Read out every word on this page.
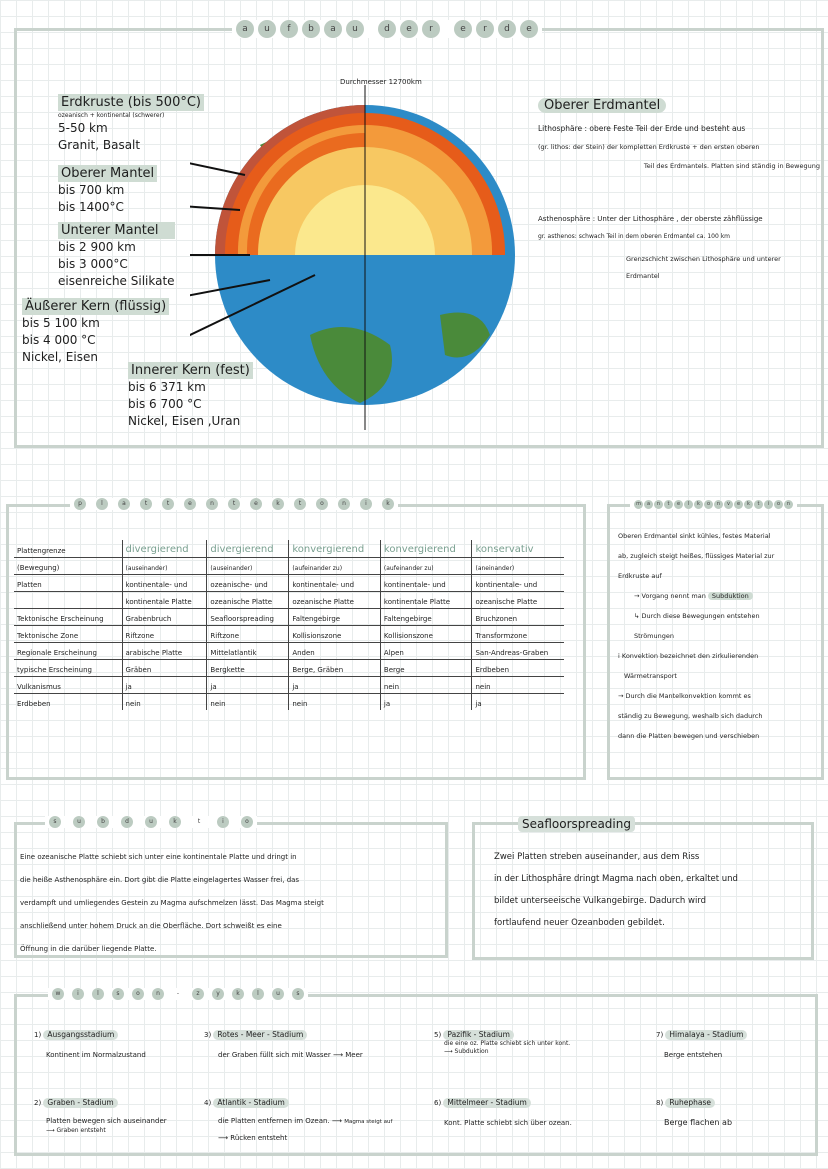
a	u	f	b	a	u	d	e	r	e	r	d	e
Durchmesser 12700km
Erdkruste (bis 500°C)
ozeanisch + kontinental (schwerer)
5-50 km
Granit, Basalt
Oberer Mantel
bis 700 km
bis 1400°C
Unterer Mantel
bis 2 900 km
bis 3 000°C
eisenreiche Silikate
Äußerer Kern (flüssig)
bis 5 100 km
bis 4 000 °C
Nickel, Eisen
Innerer Kern (fest)
bis 6 371 km
bis 6 700 °C
Nickel, Eisen ,Uran
Oberer Erdmantel
Lithosphäre : obere Feste Teil der Erde und besteht aus
(gr. lithos: der Stein) der kompletten Erdkruste + den ersten oberen
Teil des Erdmantels. Platten sind ständig in Bewegung
Asthenosphäre : Unter der Lithosphäre , der oberste zähflüssige
gr. asthenos: schwach Teil in dem oberen Erdmantel ca. 100 km
Grenzschicht zwischen Lithosphäre und unterer
Erdmantel
p	l	a	t	t	e	n	t	e	k	t	o	n	i	k
Plattengrenze	divergierend	divergierend	konvergierend	konvergierend	konservativ
(Bewegung)	(auseinander)	(auseinander)	(aufeinander zu)	(aufeinander zu)	(aneinander)
Platten	kontinentale- und	ozeanische- und	kontinentale- und	kontinentale- und	kontinentale- und
	kontinentale Platte	ozeanische Platte	ozeanische Platte	kontinentale Platte	ozeanische Platte
Tektonische Erscheinung	Grabenbruch	Seafloorspreading	Faltengebirge	Faltengebirge	Bruchzonen
Tektonische Zone	Riftzone	Riftzone	Kollisionszone	Kollisionszone	Transformzone
Regionale Erscheinung	arabische Platte	Mittelatlantik	Anden	Alpen	San-Andreas-Graben
typische Erscheinung	Gräben	Bergkette	Berge, Gräben	Berge	Erdbeben
Vulkanismus	ja	ja	ja	nein	nein
Erdbeben	nein	nein	nein	ja	ja
m	a	n	t	e	l	k	o	n	v	e	k	t	i	o	n
Oberen Erdmantel sinkt kühles, festes Material
ab, zugleich steigt heißes, flüssiges Material zur
Erdkruste auf
→ Vorgang nennt man Subduktion
↳ Durch diese Bewegungen entstehen
Strömungen
i Konvektion bezeichnet den zirkulierenden
Wärmetransport
→ Durch die Mantelkonvektion kommt es
ständig zu Bewegung, weshalb sich dadurch
dann die Platten bewegen und verschieben
s	u	b	d	u	k	t	i	o
Eine ozeanische Platte schiebt sich unter eine kontinentale Platte und dringt in
die heiße Asthenosphäre ein. Dort gibt die Platte eingelagertes Wasser frei, das
verdampft und umliegendes Gestein zu Magma aufschmelzen lässt. Das Magma steigt
anschließend unter hohem Druck an die Oberfläche. Dort schweißt es eine
Öffnung in die darüber liegende Platte.
Seafloorspreading
Zwei Platten streben auseinander, aus dem Riss
in der Lithosphäre dringt Magma nach oben, erkaltet und
bildet unterseeische Vulkangebirge. Dadurch wird
fortlaufend neuer Ozeanboden gebildet.
w	i	l	s	o	n	-	z	y	k	l	u	s
1) Ausgangsstadium
Kontinent im Normalzustand
2) Graben - Stadium
Platten bewegen sich auseinander
⟶ Graben entsteht
3) Rotes - Meer - Stadium
der Graben füllt sich mit Wasser ⟶ Meer
4) Atlantik - Stadium
die Platten entfernen im Ozean. ⟶ Magma steigt auf
⟶ Rücken entsteht
5) Pazifik - Stadium
die eine oz. Platte schiebt sich unter kont.
⟶ Subduktion
6) Mittelmeer - Stadium
Kont. Platte schiebt sich über ozean.
7) Himalaya - Stadium
Berge entstehen
8) Ruhephase
Berge flachen ab
